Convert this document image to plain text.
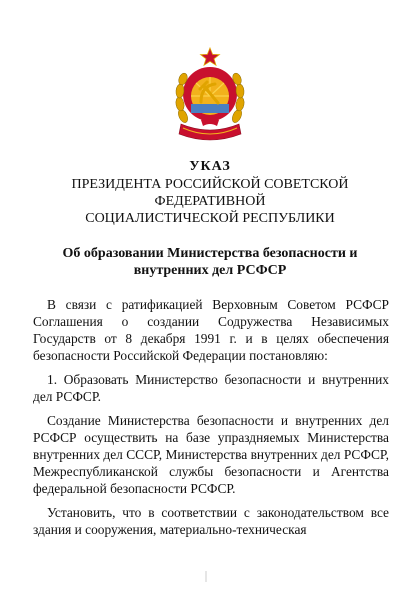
УКАЗ
ПРЕЗИДЕНТА РОССИЙСКОЙ СОВЕТСКОЙ
ФЕДЕРАТИВНОЙ
СОЦИАЛИСТИЧЕСКОЙ РЕСПУБЛИКИ
Об образовании Министерства безопасности и
внутренних дел РСФСР

В связи с ратификацией Верховным Советом РСФСР Соглашения о создании Содружества Независимых Государств от 8 декабря 1991 г. и в целях обеспечения безопасности Российской Федерации постановляю:

1. Образовать Министерство безопасности и внутренних дел РСФСР.

Создание Министерства безопасности и внутренних дел РСФСР осуществить на базе упраздняемых Министерства внутренних дел СССР, Министерства внутренних дел РСФСР, Межреспубликанской службы безопасности и Агентства федеральной безопасности РСФСР.

Установить, что в соответствии с законодательством все здания и сооружения, материально-техническая
